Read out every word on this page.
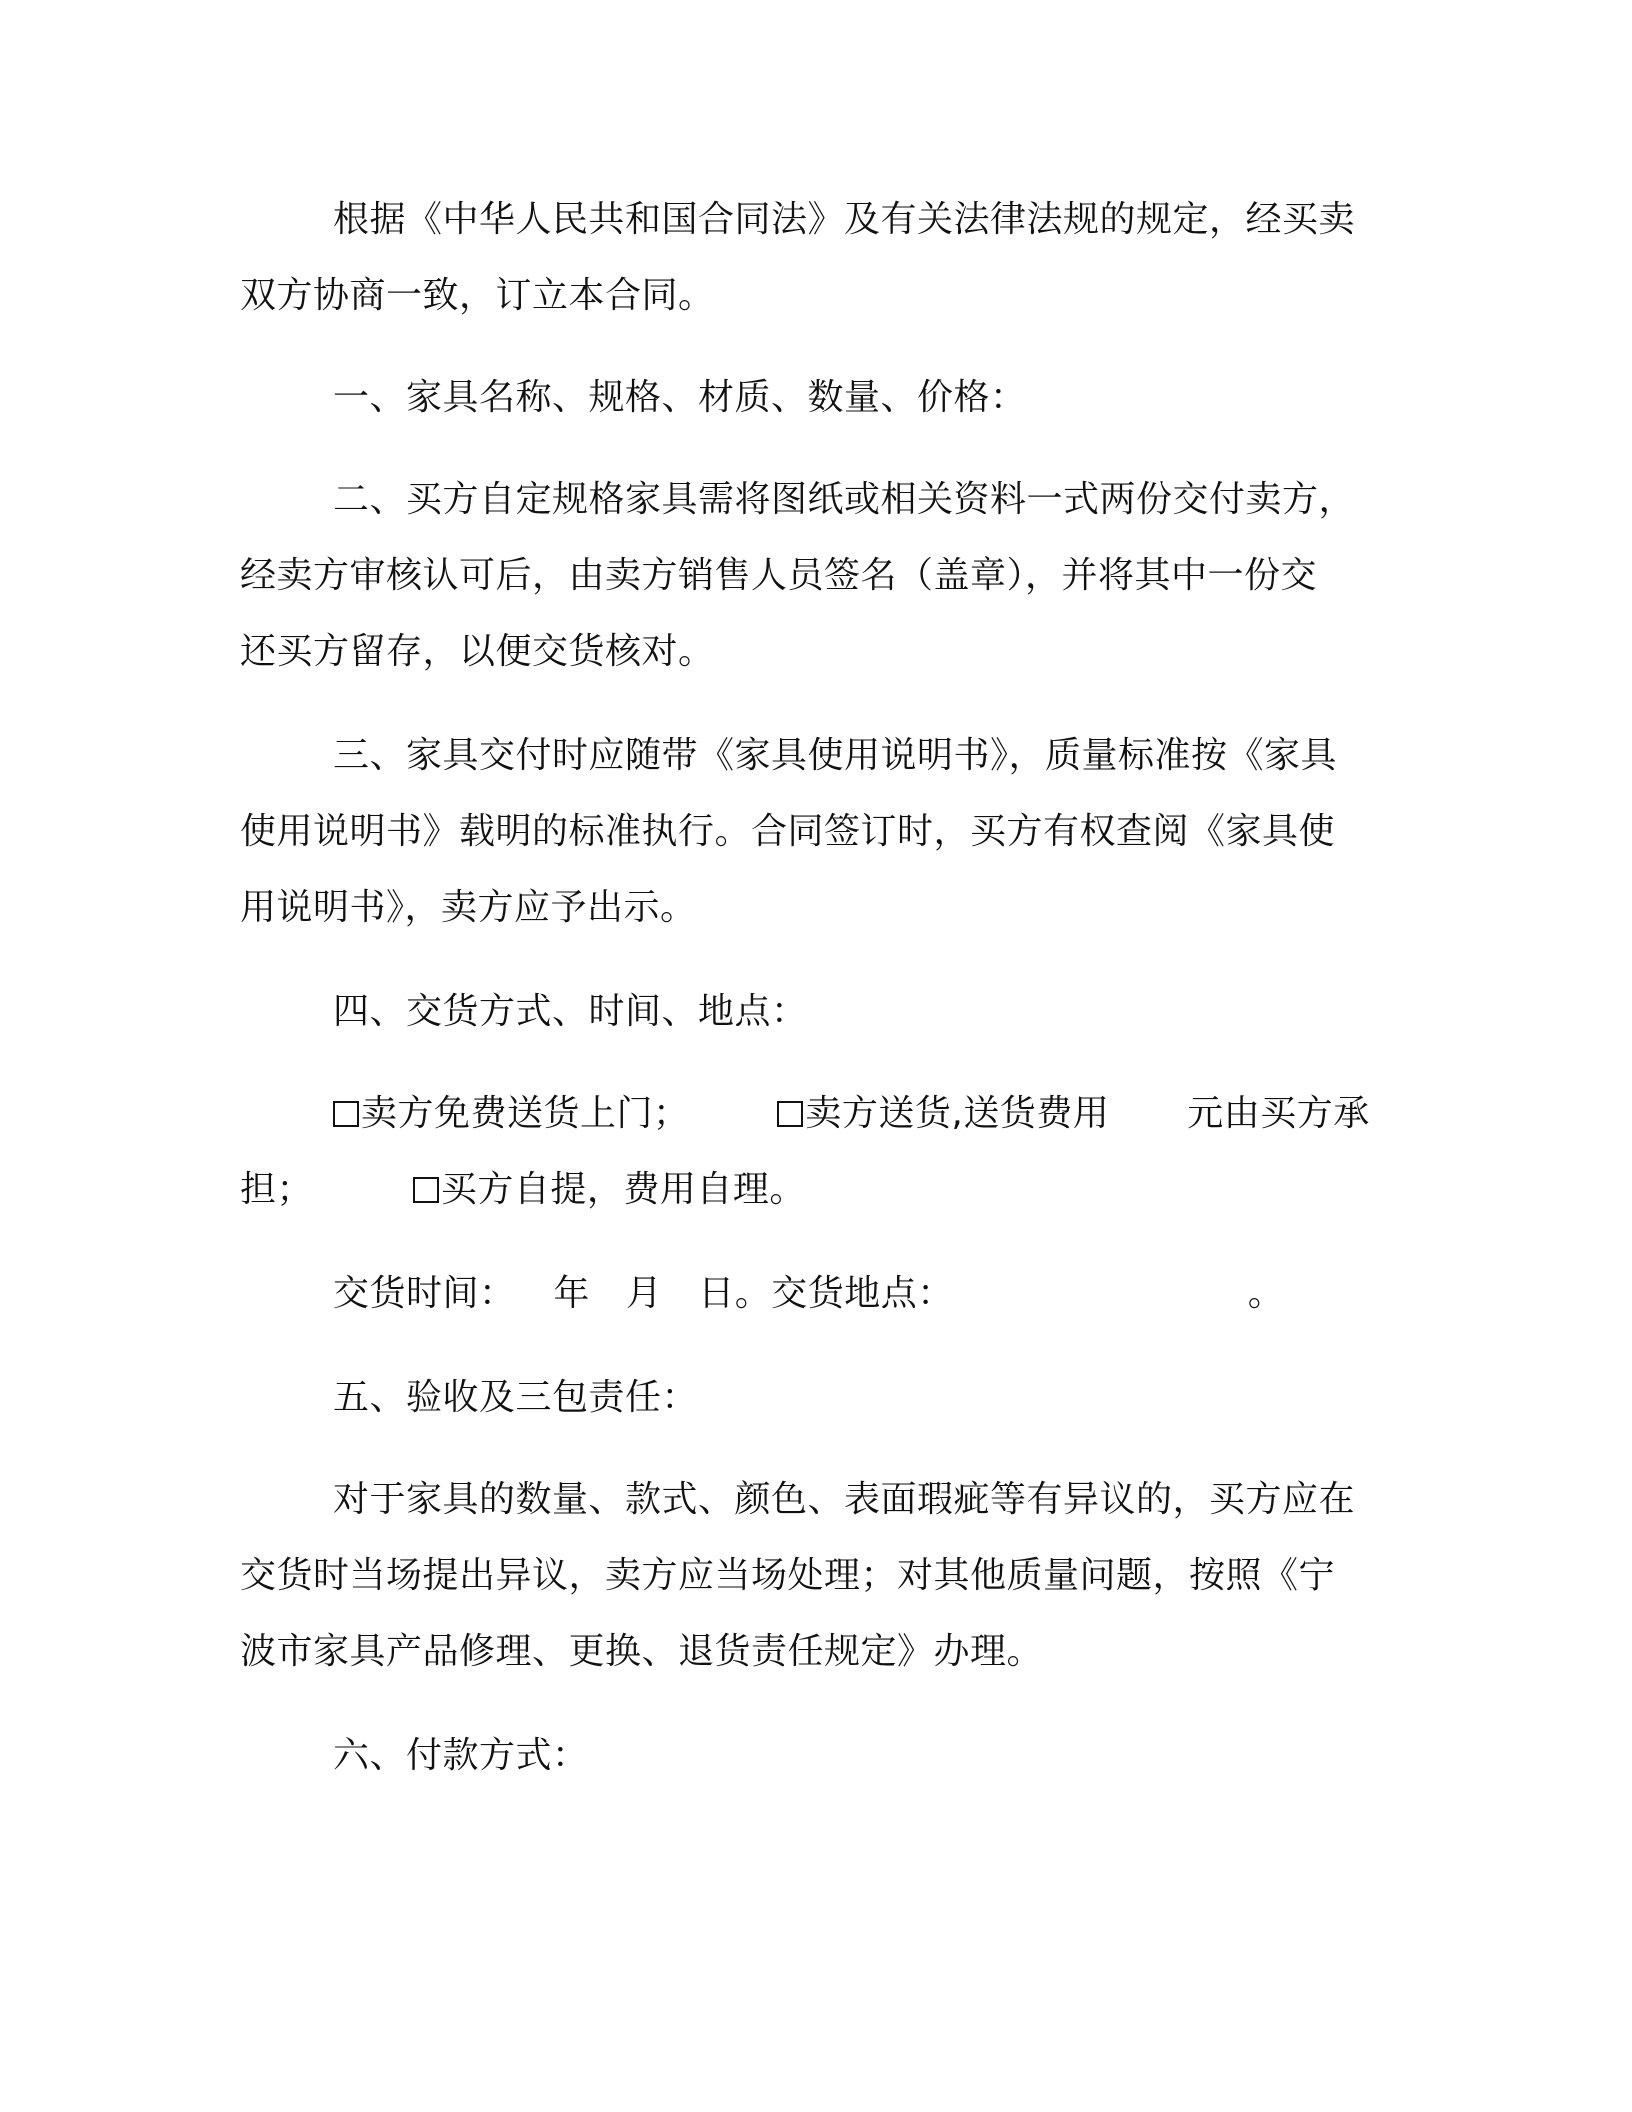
根据《中华人民共和国合同法》及有关法律法规的规定，经买卖
双方协商一致，订立本合同。
一、家具名称、规格、材质、数量、价格：
二、买方自定规格家具需将图纸或相关资料一式两份交付卖方，
经卖方审核认可后，由卖方销售人员签名（盖章），并将其中一份交
还买方留存，以便交货核对。
三、家具交付时应随带《家具使用说明书》，质量标准按《家具
使用说明书》载明的标准执行。合同签订时，买方有权查阅《家具使
用说明书》，卖方应予出示。
四、交货方式、时间、地点：
卖方免费送货上门；	卖方送货,送货费用 元由买方承
担；	买方自提，费用自理。
交货时间： 年 月 日。交货地点：	。
五、验收及三包责任：
对于家具的数量、款式、颜色、表面瑕疵等有异议的，买方应在
交货时当场提出异议，卖方应当场处理；对其他质量问题，按照《宁
波市家具产品修理、更换、退货责任规定》办理。
六、付款方式：
